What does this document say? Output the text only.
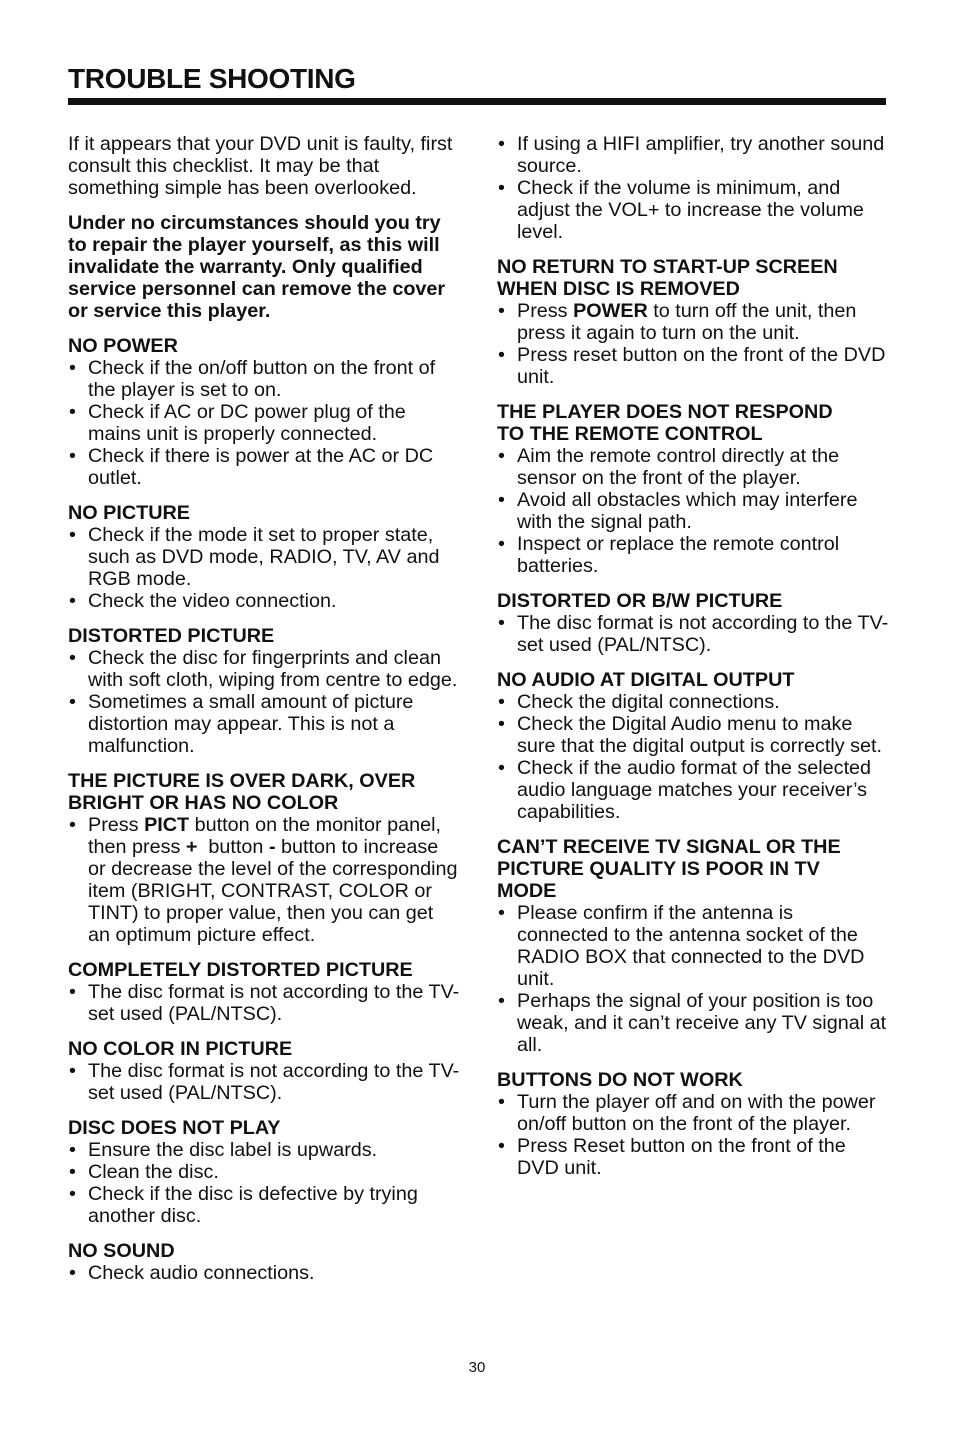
TROUBLE SHOOTING

If it appears that your DVD unit is faulty, first consult this checklist. It may be that something simple has been overlooked.

Under no circumstances should you try to repair the player yourself, as this will invalidate the warranty. Only qualified service personnel can remove the cover or service this player.

NO POWER

• Check if the on/off button on the front of the player is set to on.
• Check if AC or DC power plug of the mains unit is properly connected.
• Check if there is power at the AC or DC outlet.

NO PICTURE

• Check if the mode it set to proper state, such as DVD mode, RADIO, TV, AV and RGB mode.
• Check the video connection.

DISTORTED PICTURE

• Check the disc for fingerprints and clean with soft cloth, wiping from centre to edge.
• Sometimes a small amount of picture distortion may appear. This is not a malfunction.

THE PICTURE IS OVER DARK, OVER
BRIGHT OR HAS NO COLOR

• Press PICT button on the monitor panel, then press +  button - button to increase or decrease the level of the corresponding item (BRIGHT, CONTRAST, COLOR or TINT) to proper value, then you can get an optimum picture effect.

COMPLETELY DISTORTED PICTURE

• The disc format is not according to the TV-set used (PAL/NTSC).

NO COLOR IN PICTURE

• The disc format is not according to the TV-set used (PAL/NTSC).

DISC DOES NOT PLAY

• Ensure the disc label is upwards.
• Clean the disc.
• Check if the disc is defective by trying another disc.

NO SOUND

• Check audio connections.
• If using a HIFI amplifier, try another sound source.
• Check if the volume is minimum, and adjust the VOL+ to increase the volume level.

NO RETURN TO START-UP SCREEN
WHEN DISC IS REMOVED

• Press POWER to turn off the unit, then press it again to turn on the unit.
• Press reset button on the front of the DVD unit.

THE PLAYER DOES NOT RESPOND
TO THE REMOTE CONTROL

• Aim the remote control directly at the sensor on the front of the player.
• Avoid all obstacles which may interfere with the signal path.
• Inspect or replace the remote control batteries.

DISTORTED OR B/W PICTURE

• The disc format is not according to the TV-set used (PAL/NTSC).

NO AUDIO AT DIGITAL OUTPUT

• Check the digital connections.
• Check the Digital Audio menu to make sure that the digital output is correctly set.
• Check if the audio format of the selected audio language matches your receiver’s capabilities.

CAN’T RECEIVE TV SIGNAL OR THE
PICTURE QUALITY IS POOR IN TV
MODE

• Please confirm if the antenna is connected to the antenna socket of the RADIO BOX that connected to the DVD unit.
• Perhaps the signal of your position is too weak, and it can’t receive any TV signal at all.

BUTTONS DO NOT WORK

• Turn the player off and on with the power on/off button on the front of the player.
• Press Reset button on the front of the DVD unit.
30
